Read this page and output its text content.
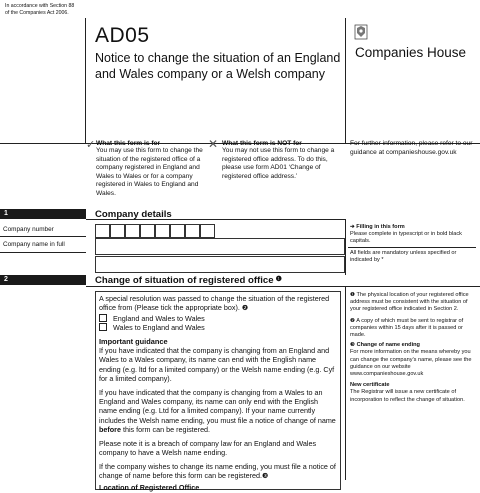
In accordance with Section 88 of the Companies Act 2006.
AD05
Notice to change the situation of an England and Wales company or a Welsh company
Companies House
✓ What this form is for
You may use this form to change the situation of the registered office of a company registered in England and Wales to Wales or for a company registered in Wales to England and Wales.
✕ What this form is NOT for
You may not use this form to change a registered office address. To do this, please use form AD01 ‘Change of registered office address.’
For further information, please refer to our guidance at companieshouse.gov.uk
1	Company details
Company number
Company name in full
➔ Filling in this form
Please complete in typescript or in bold black capitals.
All fields are mandatory unless specified or indicated by *
2	Change of situation of registered office $^❶$
A special resolution was passed to change the situation of the registered office from (Please tick the appropriate box). ❷
England and Wales to Wales
Wales to England and Wales
Important guidance
If you have indicated that the company is changing from an England and Wales to a Wales company, its name can end with the English name ending (e.g. ltd for a limited company) or the Welsh name ending (e.g. Cyf for a limited company).
If you have indicated that the company is changing from a Wales to an England and Wales company, its name can only end with the English name ending (e.g. Ltd for a limited company). If your name currently includes the Welsh name ending, you must file a notice of change of name before this form can be registered.
Please note it is a breach of company law for an England and Wales company to have a Welsh name ending.
If the company wishes to change its name ending, you must file a notice of change of name before this form can be registered.❸
Location of Registered Office
❶ The physical location of your registered office address must be consistent with the situation of your registered office indicated in Section 2.
❷ A copy of which must be sent to registrar of companies within 15 days after it is passed or made.
❸ Change of name ending
For more information on the means whereby you can change the company’s name, please see the guidance on our website www.companieshouse.gov.uk
New certificate
The Registrar will issue a new certificate of incorporation to reflect the change of situation.
